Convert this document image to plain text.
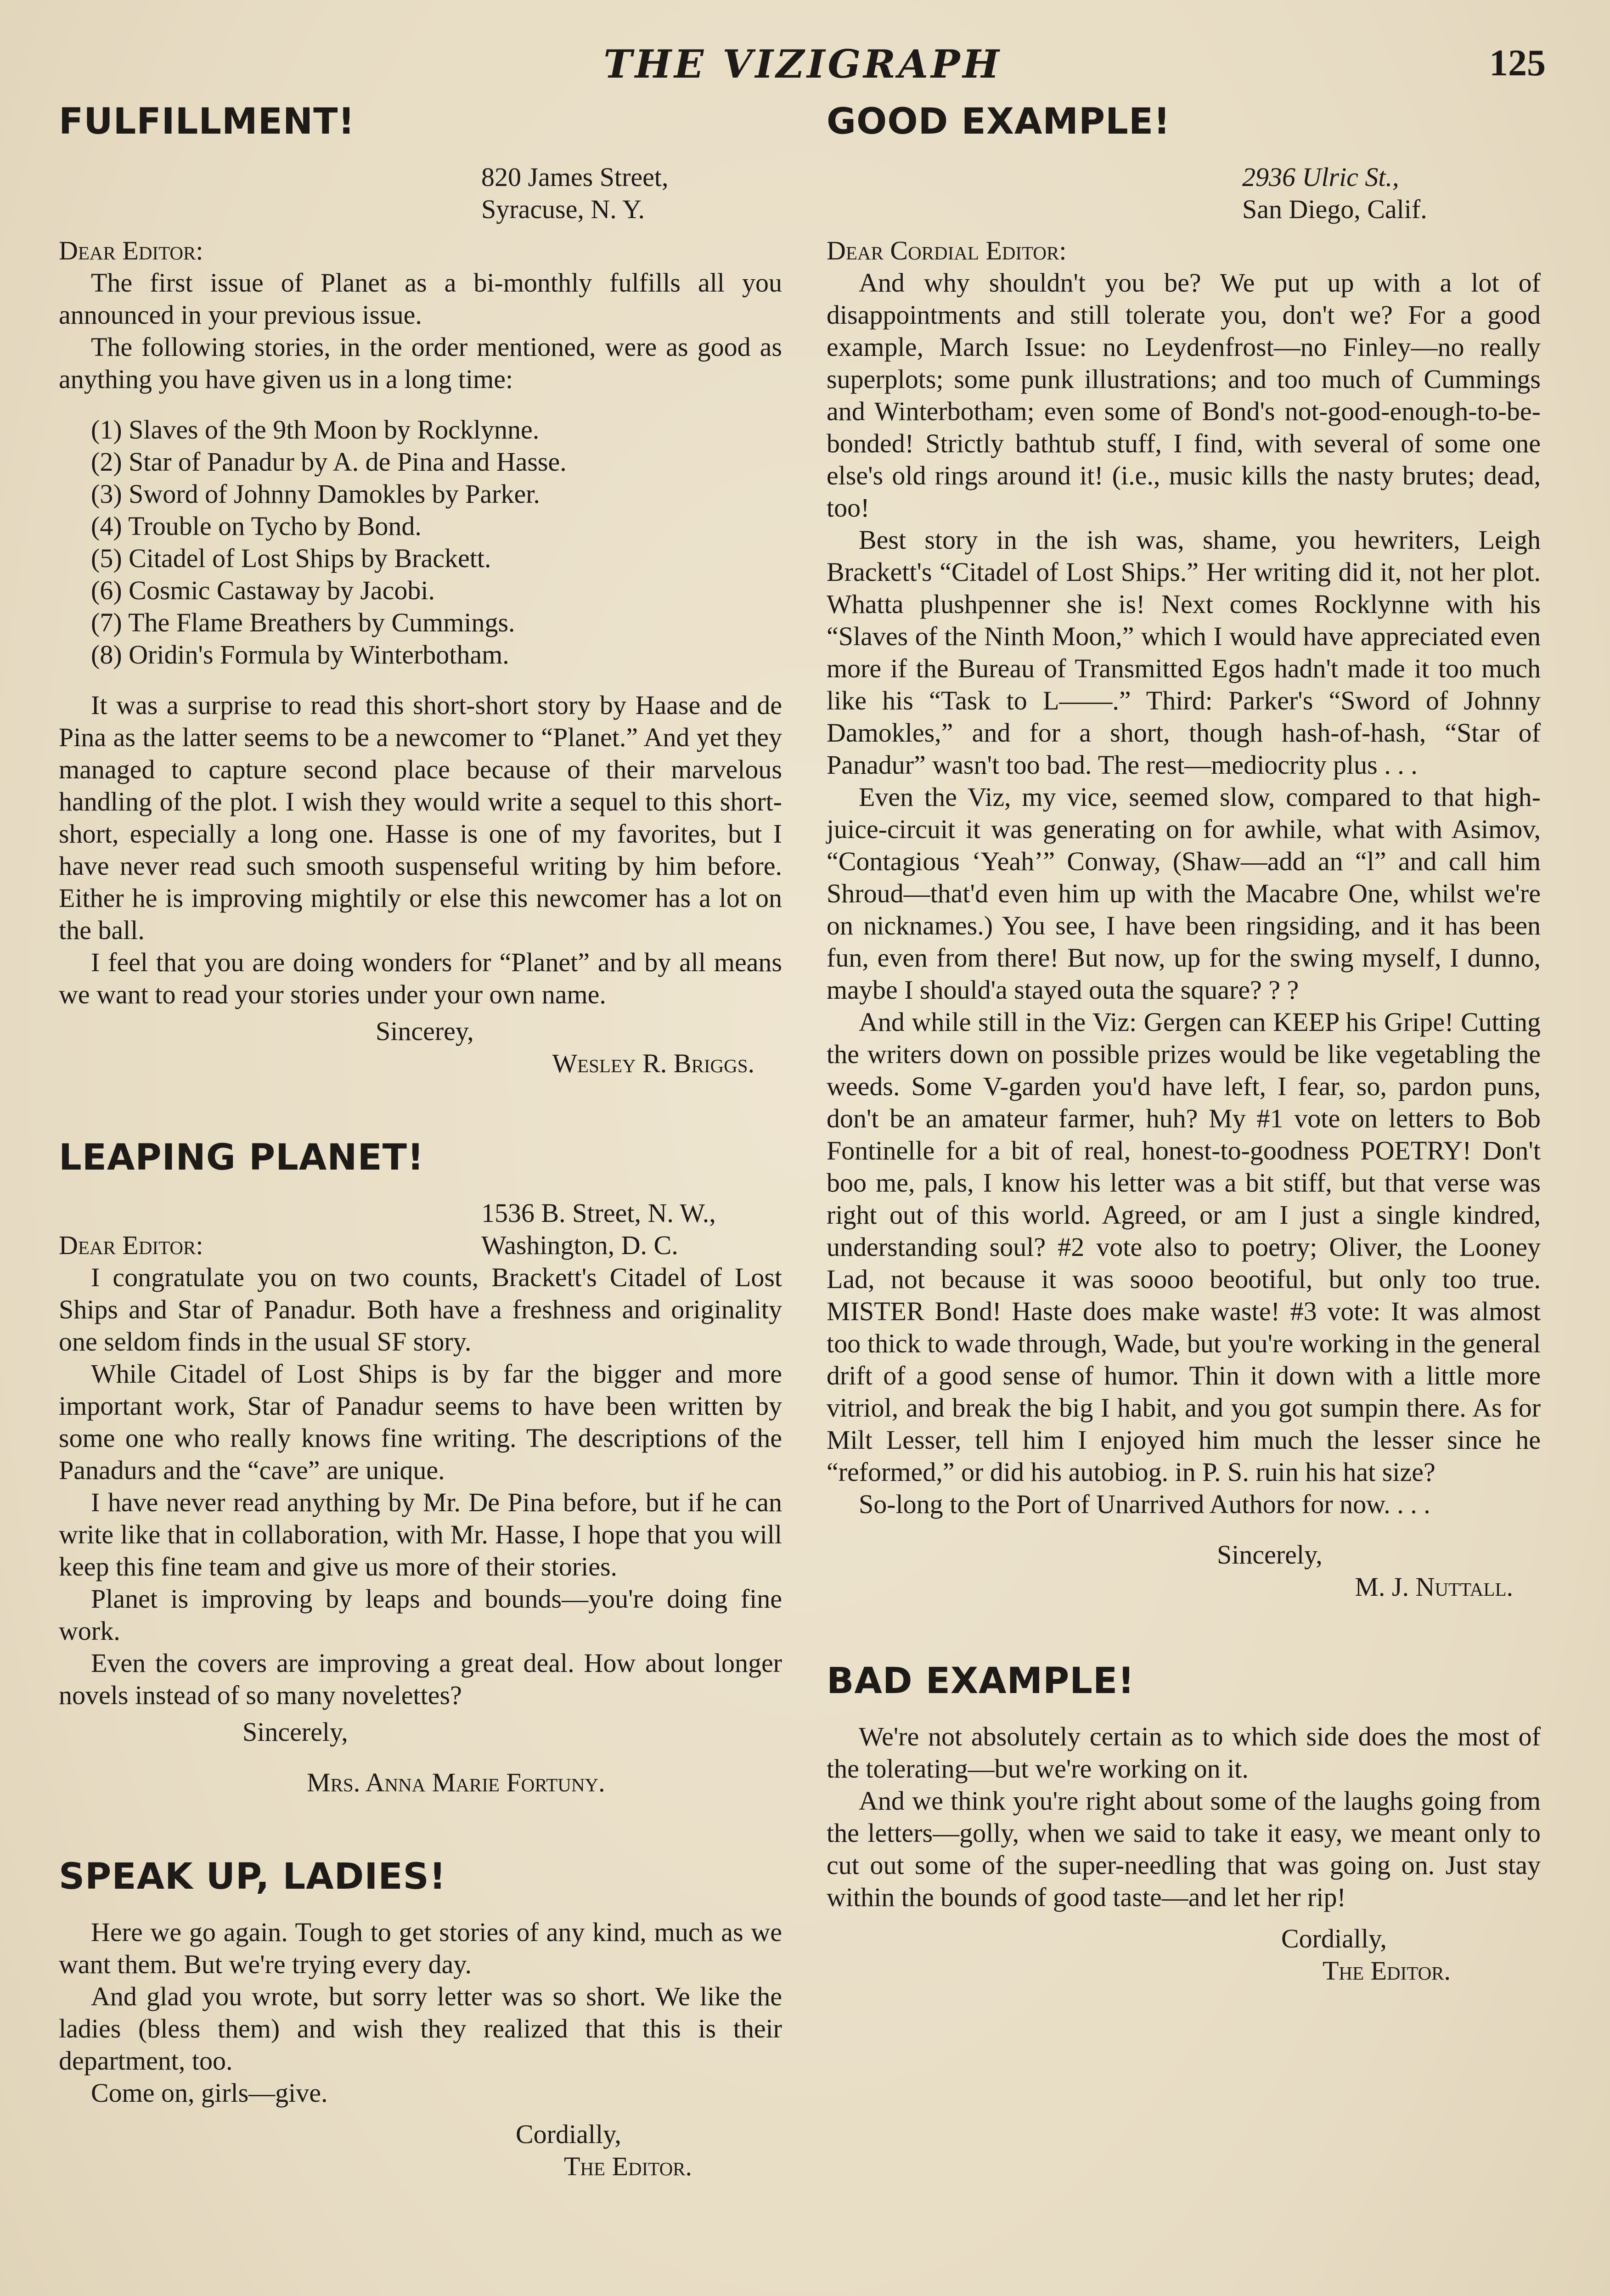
THE VIZIGRAPH	125
FULFILLMENT!
820 James Street,
Syracuse, N. Y.
Dear Editor:

The first issue of Planet as a bi-monthly fulfills all you announced in your previous issue.

The following stories, in the order mentioned, were as good as anything you have given us in a long time:

(1) Slaves of the 9th Moon by Rocklynne.
(2) Star of Panadur by A. de Pina and Hasse.
(3) Sword of Johnny Damokles by Parker.
(4) Trouble on Tycho by Bond.
(5) Citadel of Lost Ships by Brackett.
(6) Cosmic Castaway by Jacobi.
(7) The Flame Breathers by Cummings.
(8) Oridin's Formula by Winterbotham.

It was a surprise to read this short-short story by Haase and de Pina as the latter seems to be a newcomer to “Planet.” And yet they managed to capture second place because of their marvelous handling of the plot. I wish they would write a sequel to this short-short, especially a long one. Hasse is one of my favorites, but I have never read such smooth suspenseful writing by him before. Either he is improving mightily or else this newcomer has a lot on the ball.

I feel that you are doing wonders for “Planet” and by all means we want to read your stories under your own name.

Sincerey,
Wesley R. Briggs.
LEAPING PLANET!
1536 B. Street, N. W.,
Dear Editor:	Washington, D. C.

I congratulate you on two counts, Brackett's Citadel of Lost Ships and Star of Panadur. Both have a freshness and originality one seldom finds in the usual SF story.

While Citadel of Lost Ships is by far the bigger and more important work, Star of Panadur seems to have been written by some one who really knows fine writing. The descriptions of the Panadurs and the “cave” are unique.

I have never read anything by Mr. De Pina before, but if he can write like that in collaboration, with Mr. Hasse, I hope that you will keep this fine team and give us more of their stories.

Planet is improving by leaps and bounds—you're doing fine work.

Even the covers are improving a great deal. How about longer novels instead of so many novelettes?

Sincerely,
Mrs. Anna Marie Fortuny.
SPEAK UP, LADIES!

Here we go again. Tough to get stories of any kind, much as we want them. But we're trying every day.

And glad you wrote, but sorry letter was so short. We like the ladies (bless them) and wish they realized that this is their department, too.

Come on, girls—give.

Cordially,
The Editor.
GOOD EXAMPLE!
2936 Ulric St.,
San Diego, Calif.
Dear Cordial Editor:

And why shouldn't you be? We put up with a lot of disappointments and still tolerate you, don't we? For a good example, March Issue: no Leydenfrost—no Finley—no really superplots; some punk illustrations; and too much of Cummings and Winterbotham; even some of Bond's not-good-enough-to-be-bonded! Strictly bathtub stuff, I find, with several of some one else's old rings around it! (i.e., music kills the nasty brutes; dead, too!

Best story in the ish was, shame, you hewriters, Leigh Brackett's “Citadel of Lost Ships.” Her writing did it, not her plot. Whatta plushpenner she is! Next comes Rocklynne with his “Slaves of the Ninth Moon,” which I would have appreciated even more if the Bureau of Transmitted Egos hadn't made it too much like his “Task to L——.” Third: Parker's “Sword of Johnny Damokles,” and for a short, though hash-of-hash, “Star of Panadur” wasn't too bad. The rest—mediocrity plus . . .

Even the Viz, my vice, seemed slow, compared to that high-juice-circuit it was generating on for awhile, what with Asimov, “Contagious ‘Yeah’” Conway, (Shaw—add an “l” and call him Shroud—that'd even him up with the Macabre One, whilst we're on nicknames.) You see, I have been ringsiding, and it has been fun, even from there! But now, up for the swing myself, I dunno, maybe I should'a stayed outa the square? ? ?

And while still in the Viz: Gergen can KEEP his Gripe! Cutting the writers down on possible prizes would be like vegetabling the weeds. Some V-garden you'd have left, I fear, so, pardon puns, don't be an amateur farmer, huh? My #1 vote on letters to Bob Fontinelle for a bit of real, honest-to-goodness POETRY! Don't boo me, pals, I know his letter was a bit stiff, but that verse was right out of this world. Agreed, or am I just a single kindred, understanding soul? #2 vote also to poetry; Oliver, the Looney Lad, not because it was soooo beootiful, but only too true. MISTER Bond! Haste does make waste! #3 vote: It was almost too thick to wade through, Wade, but you're working in the general drift of a good sense of humor. Thin it down with a little more vitriol, and break the big I habit, and you got sumpin there. As for Milt Lesser, tell him I enjoyed him much the lesser since he “reformed,” or did his autobiog. in P. S. ruin his hat size?

So-long to the Port of Unarrived Authors for now. . . .

Sincerely,
M. J. Nuttall.
BAD EXAMPLE!

We're not absolutely certain as to which side does the most of the tolerating—but we're working on it.

And we think you're right about some of the laughs going from the letters—golly, when we said to take it easy, we meant only to cut out some of the super-needling that was going on. Just stay within the bounds of good taste—and let her rip!

Cordially,
The Editor.
